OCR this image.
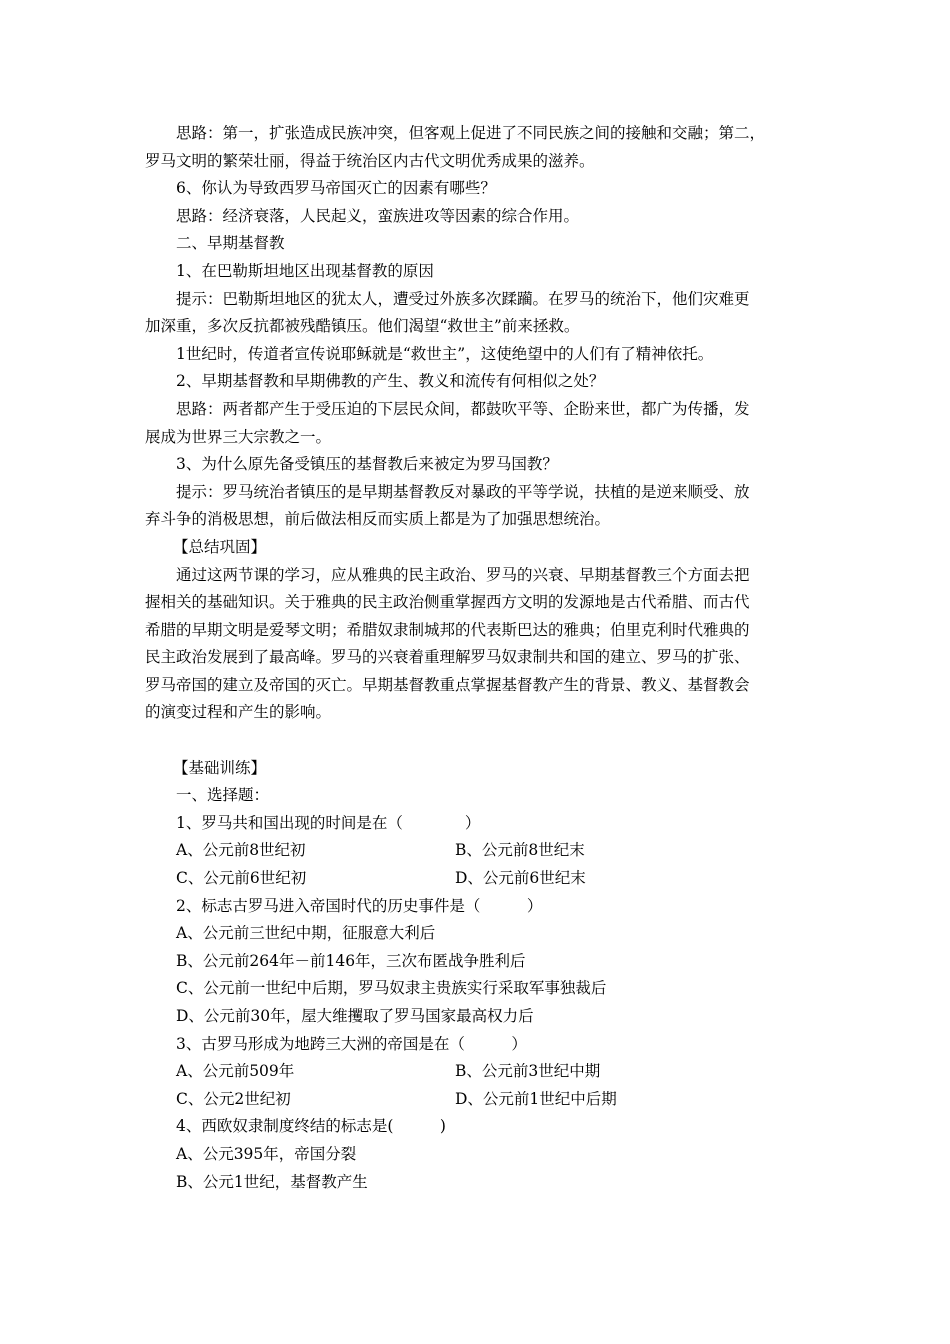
思路：第一，扩张造成民族冲突，但客观上促进了不同民族之间的接触和交融；第二，
罗马文明的繁荣壮丽，得益于统治区内古代文明优秀成果的滋养。
6、你认为导致西罗马帝国灭亡的因素有哪些？
思路：经济衰落，人民起义，蛮族进攻等因素的综合作用。
二、早期基督教
1、在巴勒斯坦地区出现基督教的原因
提示：巴勒斯坦地区的犹太人，遭受过外族多次蹂躏。在罗马的统治下，他们灾难更
加深重，多次反抗都被残酷镇压。他们渴望“救世主”前来拯救。
1世纪时，传道者宣传说耶稣就是“救世主”，这使绝望中的人们有了精神依托。
2、早期基督教和早期佛教的产生、教义和流传有何相似之处？
思路：两者都产生于受压迫的下层民众间，都鼓吹平等、企盼来世，都广为传播，发
展成为世界三大宗教之一。
3、为什么原先备受镇压的基督教后来被定为罗马国教？
提示：罗马统治者镇压的是早期基督教反对暴政的平等学说，扶植的是逆来顺受、放
弃斗争的消极思想，前后做法相反而实质上都是为了加强思想统治。
【总结巩固】
通过这两节课的学习，应从雅典的民主政治、罗马的兴衰、早期基督教三个方面去把
握相关的基础知识。关于雅典的民主政治侧重掌握西方文明的发源地是古代希腊、而古代
希腊的早期文明是爱琴文明；希腊奴隶制城邦的代表斯巴达的雅典；伯里克利时代雅典的
民主政治发展到了最高峰。罗马的兴衰着重理解罗马奴隶制共和国的建立、罗马的扩张、
罗马帝国的建立及帝国的灭亡。早期基督教重点掌握基督教产生的背景、教义、基督教会
的演变过程和产生的影响。
【基础训练】
一、选择题：
1、罗马共和国出现的时间是在（　　　　）
A、公元前8世纪初	B、公元前8世纪末
C、公元前6世纪初	D、公元前6世纪末
2、标志古罗马进入帝国时代的历史事件是（　　　）
A、公元前三世纪中期，征服意大利后
B、公元前264年－前146年，三次布匿战争胜利后
C、公元前一世纪中后期，罗马奴隶主贵族实行采取军事独裁后
D、公元前30年，屋大维攫取了罗马国家最高权力后
3、古罗马形成为地跨三大洲的帝国是在（　　　）
A、公元前509年	B、公元前3世纪中期
C、公元2世纪初	D、公元前1世纪中后期
4、西欧奴隶制度终结的标志是(　　　)
A、公元395年，帝国分裂
B、公元1世纪，基督教产生
